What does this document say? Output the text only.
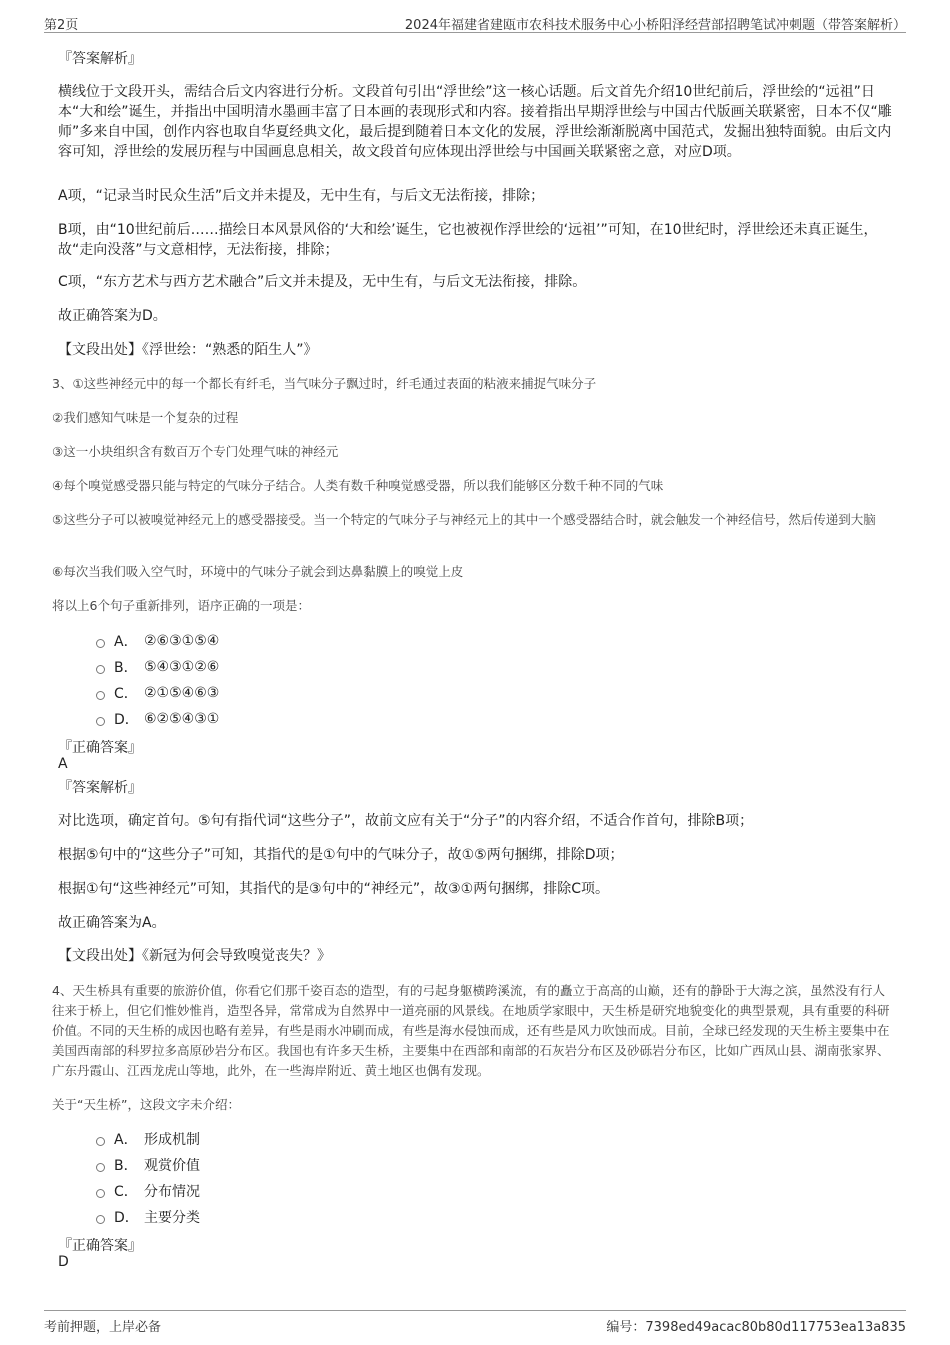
第2页	2024年福建省建瓯市农科技术服务中心小桥阳泽经营部招聘笔试冲刺题（带答案解析）
『答案解析』
横线位于文段开头，需结合后文内容进行分析。文段首句引出“浮世绘”这一核心话题。后文首先介绍10世纪前后，浮世绘的“远祖”日本“大和绘”诞生，并指出中国明清水墨画丰富了日本画的表现形式和内容。接着指出早期浮世绘与中国古代版画关联紧密，日本不仅“雕师”多来自中国，创作内容也取自华夏经典文化，最后提到随着日本文化的发展，浮世绘渐渐脱离中国范式，发掘出独特面貌。由后文内容可知，浮世绘的发展历程与中国画息息相关，故文段首句应体现出浮世绘与中国画关联紧密之意，对应D项。
A项，“记录当时民众生活”后文并未提及，无中生有，与后文无法衔接，排除；
B项，由“10世纪前后……描绘日本风景风俗的‘大和绘’诞生，它也被视作浮世绘的‘远祖’”可知，在10世纪时，浮世绘还未真正诞生，故“走向没落”与文意相悖，无法衔接，排除；
C项，“东方艺术与西方艺术融合”后文并未提及，无中生有，与后文无法衔接，排除。
故正确答案为D。
【文段出处】《浮世绘：“熟悉的陌生人”》
3、①这些神经元中的每一个都长有纤毛，当气味分子飘过时，纤毛通过表面的粘液来捕捉气味分子
②我们感知气味是一个复杂的过程
③这一小块组织含有数百万个专门处理气味的神经元
④每个嗅觉感受器只能与特定的气味分子结合。人类有数千种嗅觉感受器，所以我们能够区分数千种不同的气味
⑤这些分子可以被嗅觉神经元上的感受器接受。当一个特定的气味分子与神经元上的其中一个感受器结合时，就会触发一个神经信号，然后传递到大脑
⑥每次当我们吸入空气时，环境中的气味分子就会到达鼻黏膜上的嗅觉上皮
将以上6个句子重新排列，语序正确的一项是：
A． ②⑥③①⑤④
B． ⑤④③①②⑥
C． ②①⑤④⑥③
D． ⑥②⑤④③①
『正确答案』
A
『答案解析』
对比选项，确定首句。⑤句有指代词“这些分子”，故前文应有关于“分子”的内容介绍，不适合作首句，排除B项；
根据⑤句中的“这些分子”可知，其指代的是①句中的气味分子，故①⑤两句捆绑，排除D项；
根据①句“这些神经元”可知，其指代的是③句中的“神经元”，故③①两句捆绑，排除C项。
故正确答案为A。
【文段出处】《新冠为何会导致嗅觉丧失？》
4、天生桥具有重要的旅游价值，你看它们那千姿百态的造型，有的弓起身躯横跨溪流，有的矗立于高高的山巅，还有的静卧于大海之滨，虽然没有行人往来于桥上，但它们惟妙惟肖，造型各异，常常成为自然界中一道亮丽的风景线。在地质学家眼中，天生桥是研究地貌变化的典型景观，具有重要的科研价值。不同的天生桥的成因也略有差异，有些是雨水冲刷而成，有些是海水侵蚀而成，还有些是风力吹蚀而成。目前，全球已经发现的天生桥主要集中在美国西南部的科罗拉多高原砂岩分布区。我国也有许多天生桥，主要集中在西部和南部的石灰岩分布区及砂砾岩分布区，比如广西凤山县、湖南张家界、广东丹霞山、江西龙虎山等地，此外，在一些海岸附近、黄土地区也偶有发现。
关于“天生桥”，这段文字未介绍：
A． 形成机制
B． 观赏价值
C． 分布情况
D． 主要分类
『正确答案』
D
考前押题，上岸必备	编号：7398ed49acac80b80d117753ea13a835
